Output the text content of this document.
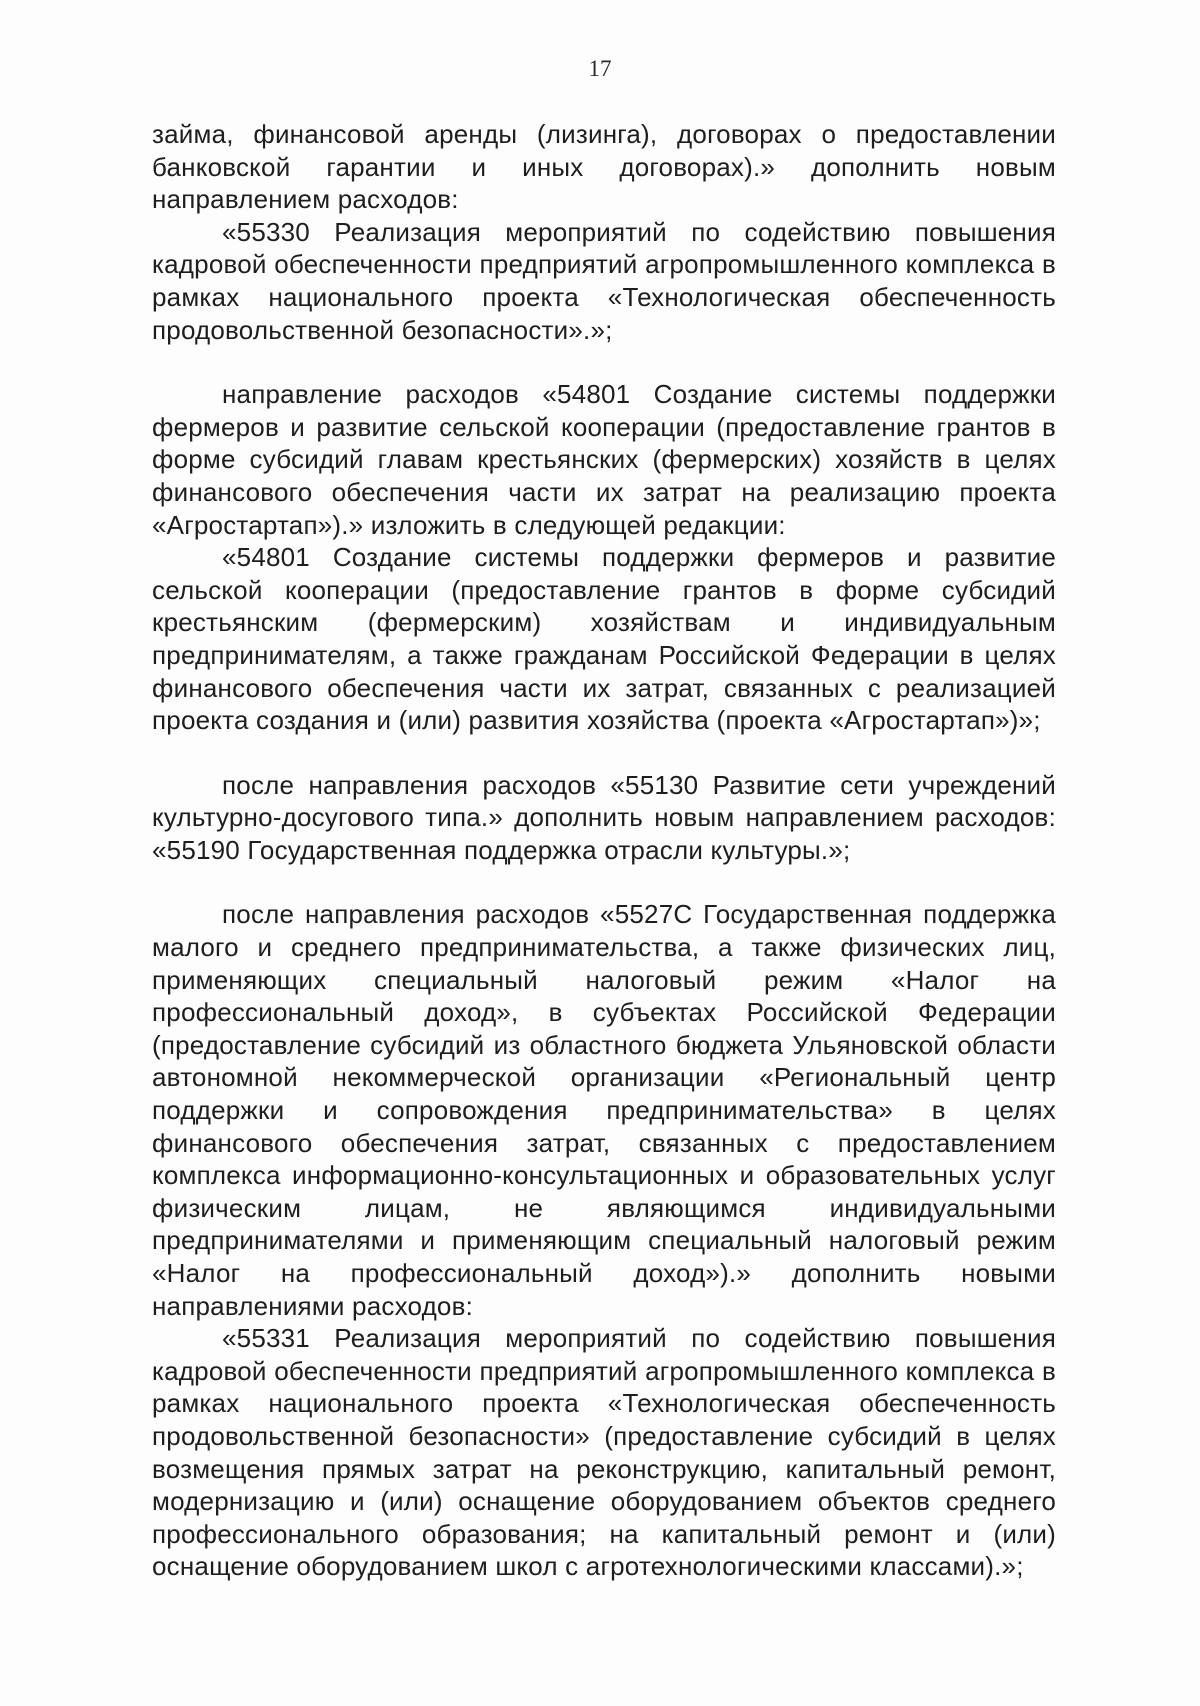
17

займа, финансовой аренды (лизинга), договорах о предоставлении банковской гарантии и иных договорах).» дополнить новым направлением расходов:

«55330 Реализация мероприятий по содействию повышения кадровой обеспеченности предприятий агропромышленного комплекса в рамках национального проекта «Технологическая обеспеченность продовольственной безопасности».»;

направление расходов «54801 Создание системы поддержки фермеров и развитие сельской кооперации (предоставление грантов в форме субсидий главам крестьянских (фермерских) хозяйств в целях финансового обеспечения части их затрат на реализацию проекта «Агростартап»).» изложить в следующей редакции:

«54801 Создание системы поддержки фермеров и развитие сельской кооперации (предоставление грантов в форме субсидий крестьянским (фермерским) хозяйствам и индивидуальным предпринимателям, а также гражданам Российской Федерации в целях финансового обеспечения части их затрат, связанных с реализацией проекта создания и (или) развития хозяйства (проекта «Агростартап»)»;

после направления расходов «55130 Развитие сети учреждений культурно-досугового типа.» дополнить новым направлением расходов: «55190 Государственная поддержка отрасли культуры.»;

после направления расходов «5527C Государственная поддержка малого и среднего предпринимательства, а также физических лиц, применяющих специальный налоговый режим «Налог на профессиональный доход», в субъектах Российской Федерации (предоставление субсидий из областного бюджета Ульяновской области автономной некоммерческой организации «Региональный центр поддержки и сопровождения предпринимательства» в целях финансового обеспечения затрат, связанных с предоставлением комплекса информационно-консультационных и образовательных услуг физическим лицам, не являющимся индивидуальными предпринимателями и применяющим специальный налоговый режим «Налог на профессиональный доход»).» дополнить новыми направлениями расходов:

«55331 Реализация мероприятий по содействию повышения кадровой обеспеченности предприятий агропромышленного комплекса в рамках национального проекта «Технологическая обеспеченность продовольственной безопасности» (предоставление субсидий в целях возмещения прямых затрат на реконструкцию, капитальный ремонт, модернизацию и (или) оснащение оборудованием объектов среднего профессионального образования; на капитальный ремонт и (или) оснащение оборудованием школ с агротехнологическими классами).»;
